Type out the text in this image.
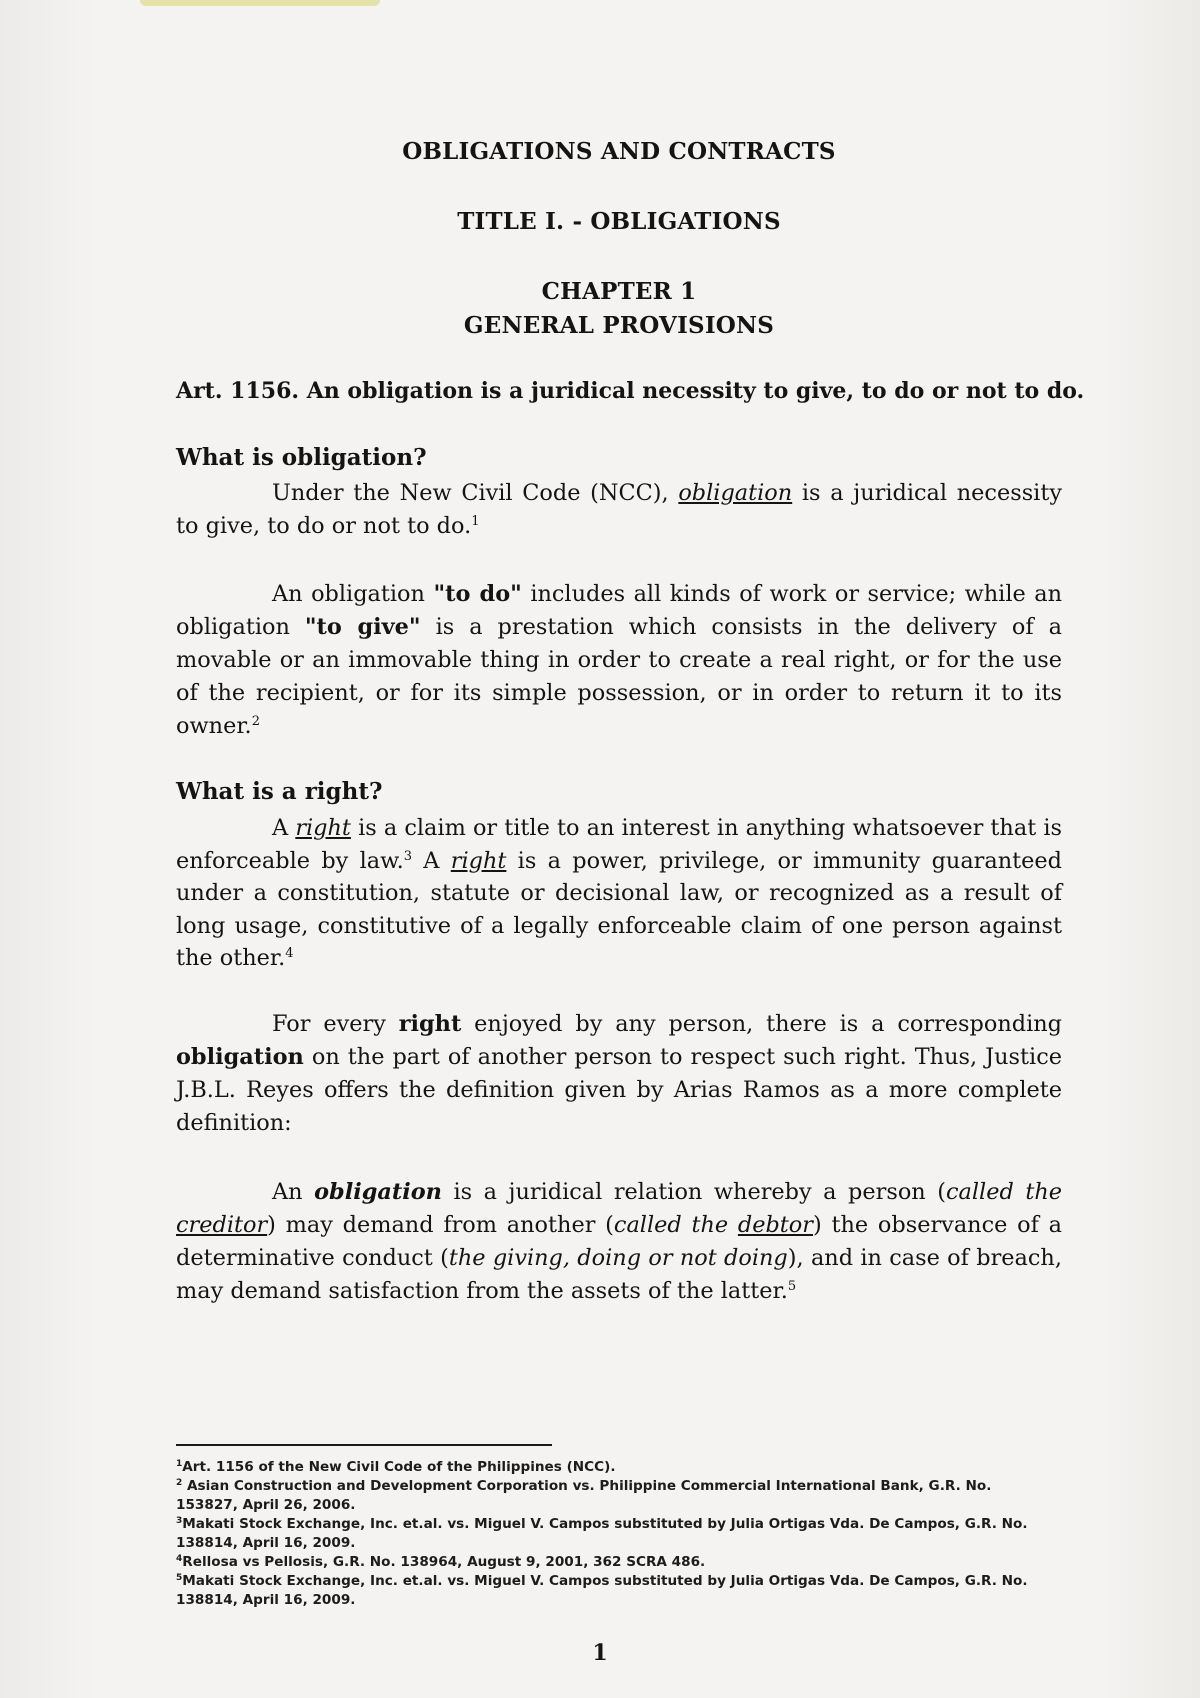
OBLIGATIONS AND CONTRACTS
TITLE I. - OBLIGATIONS
CHAPTER 1
GENERAL PROVISIONS
Art. 1156. An obligation is a juridical necessity to give, to do or not to do.
What is obligation?
Under the New Civil Code (NCC), obligation is a juridical necessity to give, to do or not to do.$^1$
An obligation "to do" includes all kinds of work or service; while an obligation "to give" is a prestation which consists in the delivery of a movable or an immovable thing in order to create a real right, or for the use of the recipient, or for its simple possession, or in order to return it to its owner.$^2$
What is a right?
A right is a claim or title to an interest in anything whatsoever that is enforceable by law.$^3$ A right is a power, privilege, or immunity guaranteed under a constitution, statute or decisional law, or recognized as a result of long usage, constitutive of a legally enforceable claim of one person against the other.$^4$
For every right enjoyed by any person, there is a corresponding obligation on the part of another person to respect such right. Thus, Justice J.B.L. Reyes offers the definition given by Arias Ramos as a more complete definition:
An obligation is a juridical relation whereby a person (called the creditor) may demand from another (called the debtor) the observance of a determinative conduct (the giving, doing or not doing), and in case of breach, may demand satisfaction from the assets of the latter.$^5$
$^1$Art. 1156 of the New Civil Code of the Philippines (NCC).
$^2$ Asian Construction and Development Corporation vs. Philippine Commercial International Bank, G.R. No. 153827, April 26, 2006.
$^3$Makati Stock Exchange, Inc. et.al. vs. Miguel V. Campos substituted by Julia Ortigas Vda. De Campos, G.R. No. 138814, April 16, 2009.
$^4$Rellosa vs Pellosis, G.R. No. 138964, August 9, 2001, 362 SCRA 486.
$^5$Makati Stock Exchange, Inc. et.al. vs. Miguel V. Campos substituted by Julia Ortigas Vda. De Campos, G.R. No. 138814, April 16, 2009.
1
